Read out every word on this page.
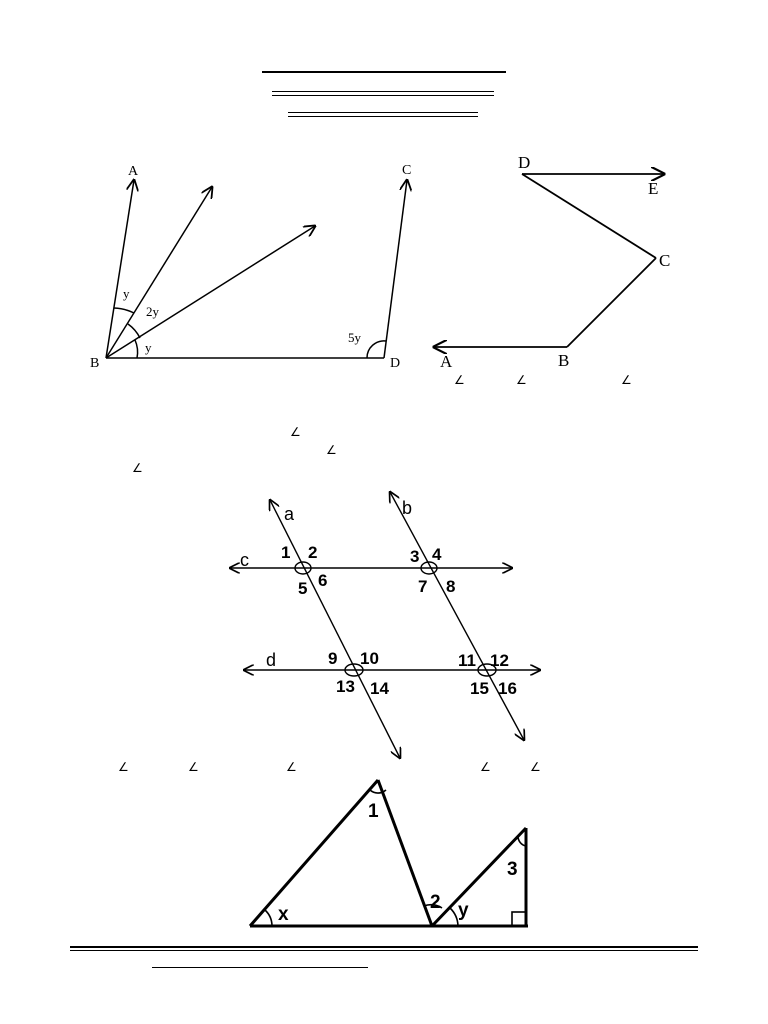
A	C
B	D
y
2y
y
5y
D
E
C
A	B
a	b
c
d
1 2	3 4
5 6	7 8
9 10	11 12
13 14	15 16
1
3
2
x	y
∠	∠	∠
∠
∠
∠
∠	∠	∠	∠	∠
